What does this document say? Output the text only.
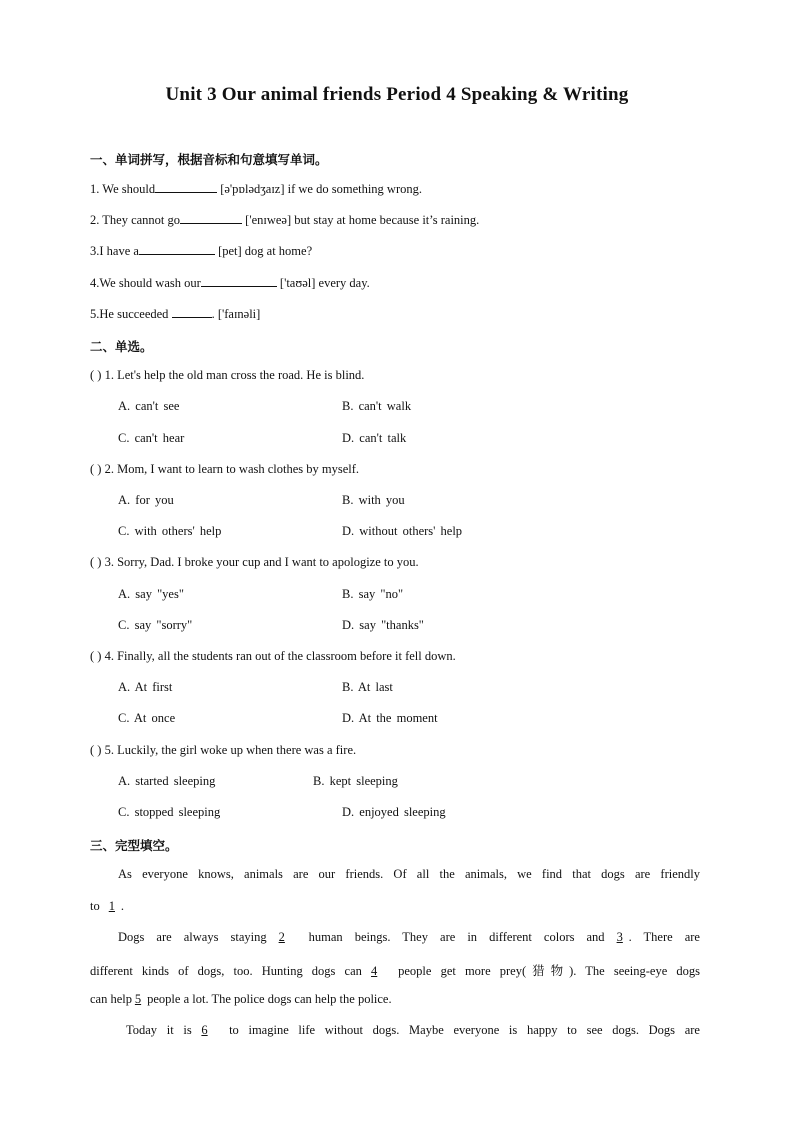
Unit 3 Our animal friends Period 4 Speaking & Writing
一、单词拼写，根据音标和句意填写单词。
1. We should	[ə'pɒlədʒaɪz] if we do something wrong.
2. They cannot go	['enɪweə] but stay at home because it’s raining.
3.I have a	[pet] dog at home?
4.We should wash our	['taʊəl] every day.
5.He succeeded	. ['faɪnəli]
二、单选。
( ) 1. Let's help the old man cross the road. He is blind.
A. can't see	B. can't walk
C. can't hear	D. can't talk
( ) 2. Mom, I want to learn to wash clothes by myself.
A. for you	B. with you
C. with others' help	D. without others' help
( ) 3. Sorry, Dad. I broke your cup and I want to apologize to you.
A. say "yes"	B. say "no"
C. say "sorry"	D. say "thanks"
( ) 4. Finally, all the students ran out of the classroom before it fell down.
A. At first	B. At last
C. At once	D. At the moment
( ) 5. Luckily, the girl woke up when there was a fire.
A. started sleeping	B. kept sleeping
C. stopped sleeping	D. enjoyed sleeping
三、完型填空。
As everyone knows, animals are our friends. Of all the animals, we find that dogs are friendly
to 1.
Dogs are always staying 2 human beings. They are in different colors and 3 . There are
different kinds of dogs, too. Hunting dogs can 4 people get more prey(猎物). The seeing-eye dogs
can help 5 people a lot. The police dogs can help the police.
Today it is 6 to imagine life without dogs. Maybe everyone is happy to see dogs. Dogs are
